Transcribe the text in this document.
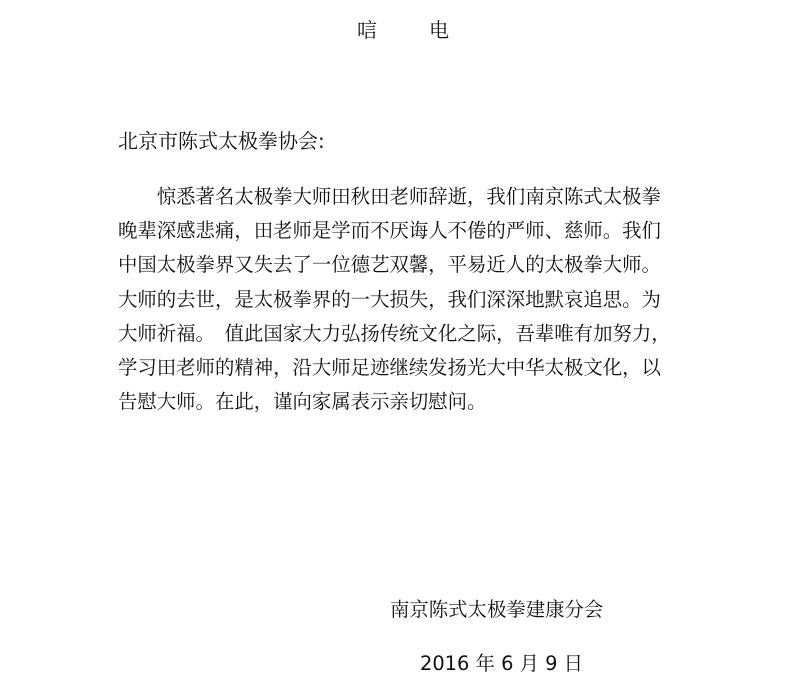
唁	电
北京市陈式太极拳协会:
　　惊悉著名太极拳大师田秋田老师辞逝，我们南京陈式太极拳
晚辈深感悲痛，田老师是学而不厌诲人不倦的严师、慈师。我们
中国太极拳界又失去了一位德艺双馨，平易近人的太极拳大师。
大师的去世，是太极拳界的一大损失，我们深深地默哀追思。为
大师祈福。　值此国家大力弘扬传统文化之际，吾辈唯有加努力，
学习田老师的精神，沿大师足迹继续发扬光大中华太极文化，以
告慰大师。在此，谨向家属表示亲切慰问。
南京陈式太极拳建康分会
2016 年 6 月 9 日
